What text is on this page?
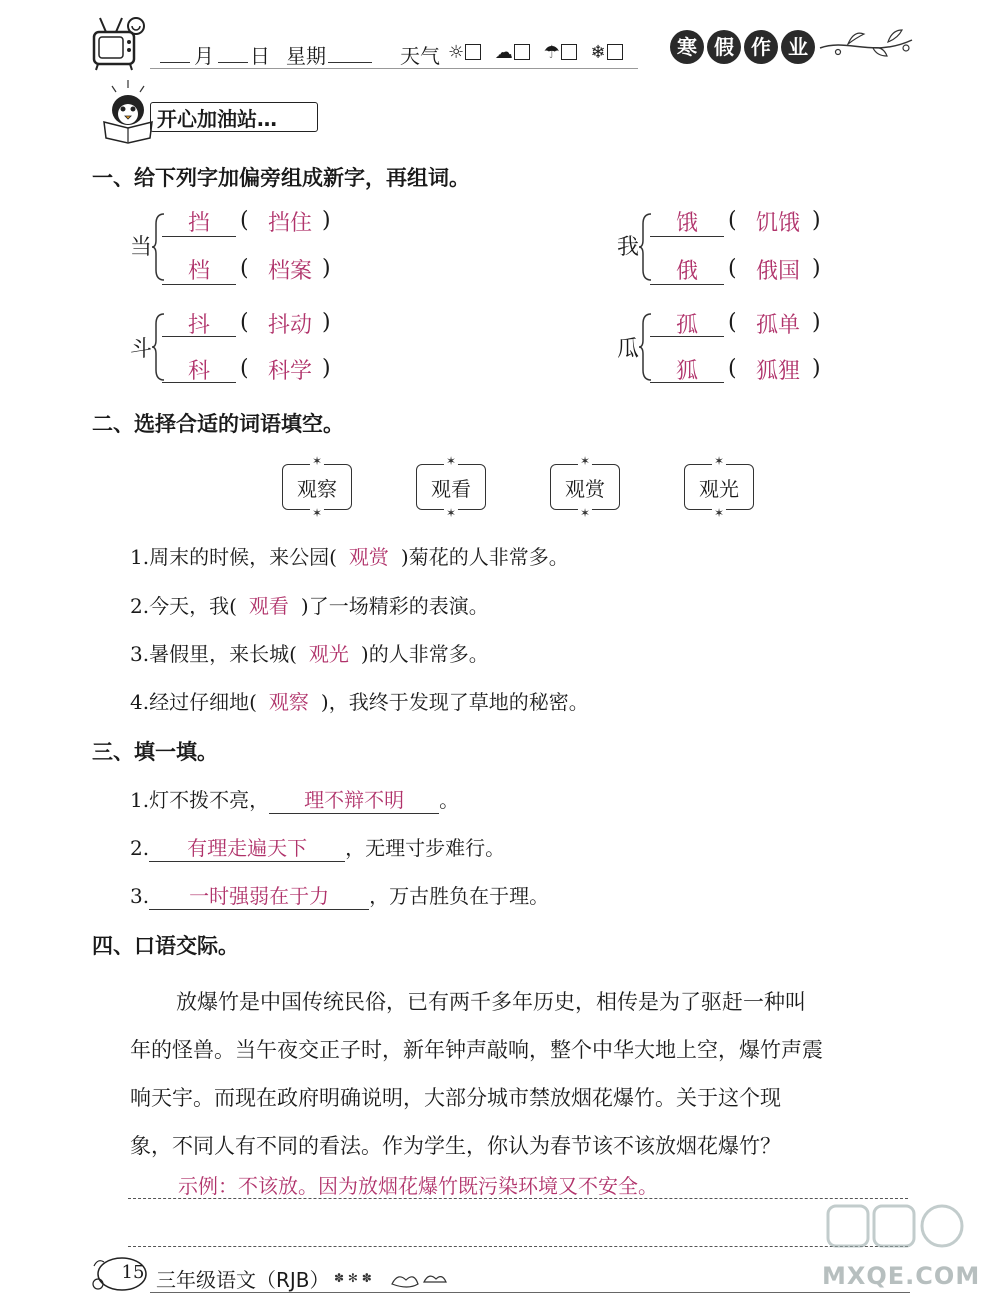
月 日 星期	天气 ☼ ☁ ☂ ❄	寒 假 作 业
开心加油站…
一、给下列字加偏旁组成新字，再组词。
当
挡	( 挡住 )
档	( 档案 )
我
饿	( 饥饿 )
俄	( 俄国 )
斗
抖	( 抖动 )
科	( 科学 )
瓜
孤	( 孤单 )
狐	( 狐狸 )
二、选择合适的词语填空。
✶ 观察 ✶	✶ 观看 ✶	✶ 观赏 ✶	✶ 观光 ✶
1.周末的时候，来公园( 观赏 )菊花的人非常多。
2.今天，我( 观看 )了一场精彩的表演。
3.暑假里，来长城( 观光 )的人非常多。
4.经过仔细地( 观察 )，我终于发现了草地的秘密。
三、填一填。
1.灯不拨不亮， 理不辩不明 。
2. 有理走遍天下 ，无理寸步难行。
3. 一时强弱在于力 ，万古胜负在于理。
四、口语交际。
放爆竹是中国传统民俗，已有两千多年历史，相传是为了驱赶一种叫
年的怪兽。当午夜交正子时，新年钟声敲响，整个中华大地上空，爆竹声震
响天宇。而现在政府明确说明，大部分城市禁放烟花爆竹。关于这个现
象，不同人有不同的看法。作为学生，你认为春节该不该放烟花爆竹？
示例：不该放。因为放烟花爆竹既污染环境又不安全。
15 三年级语文（RJB） ✽ ✻ ✽	MXQE.COM
